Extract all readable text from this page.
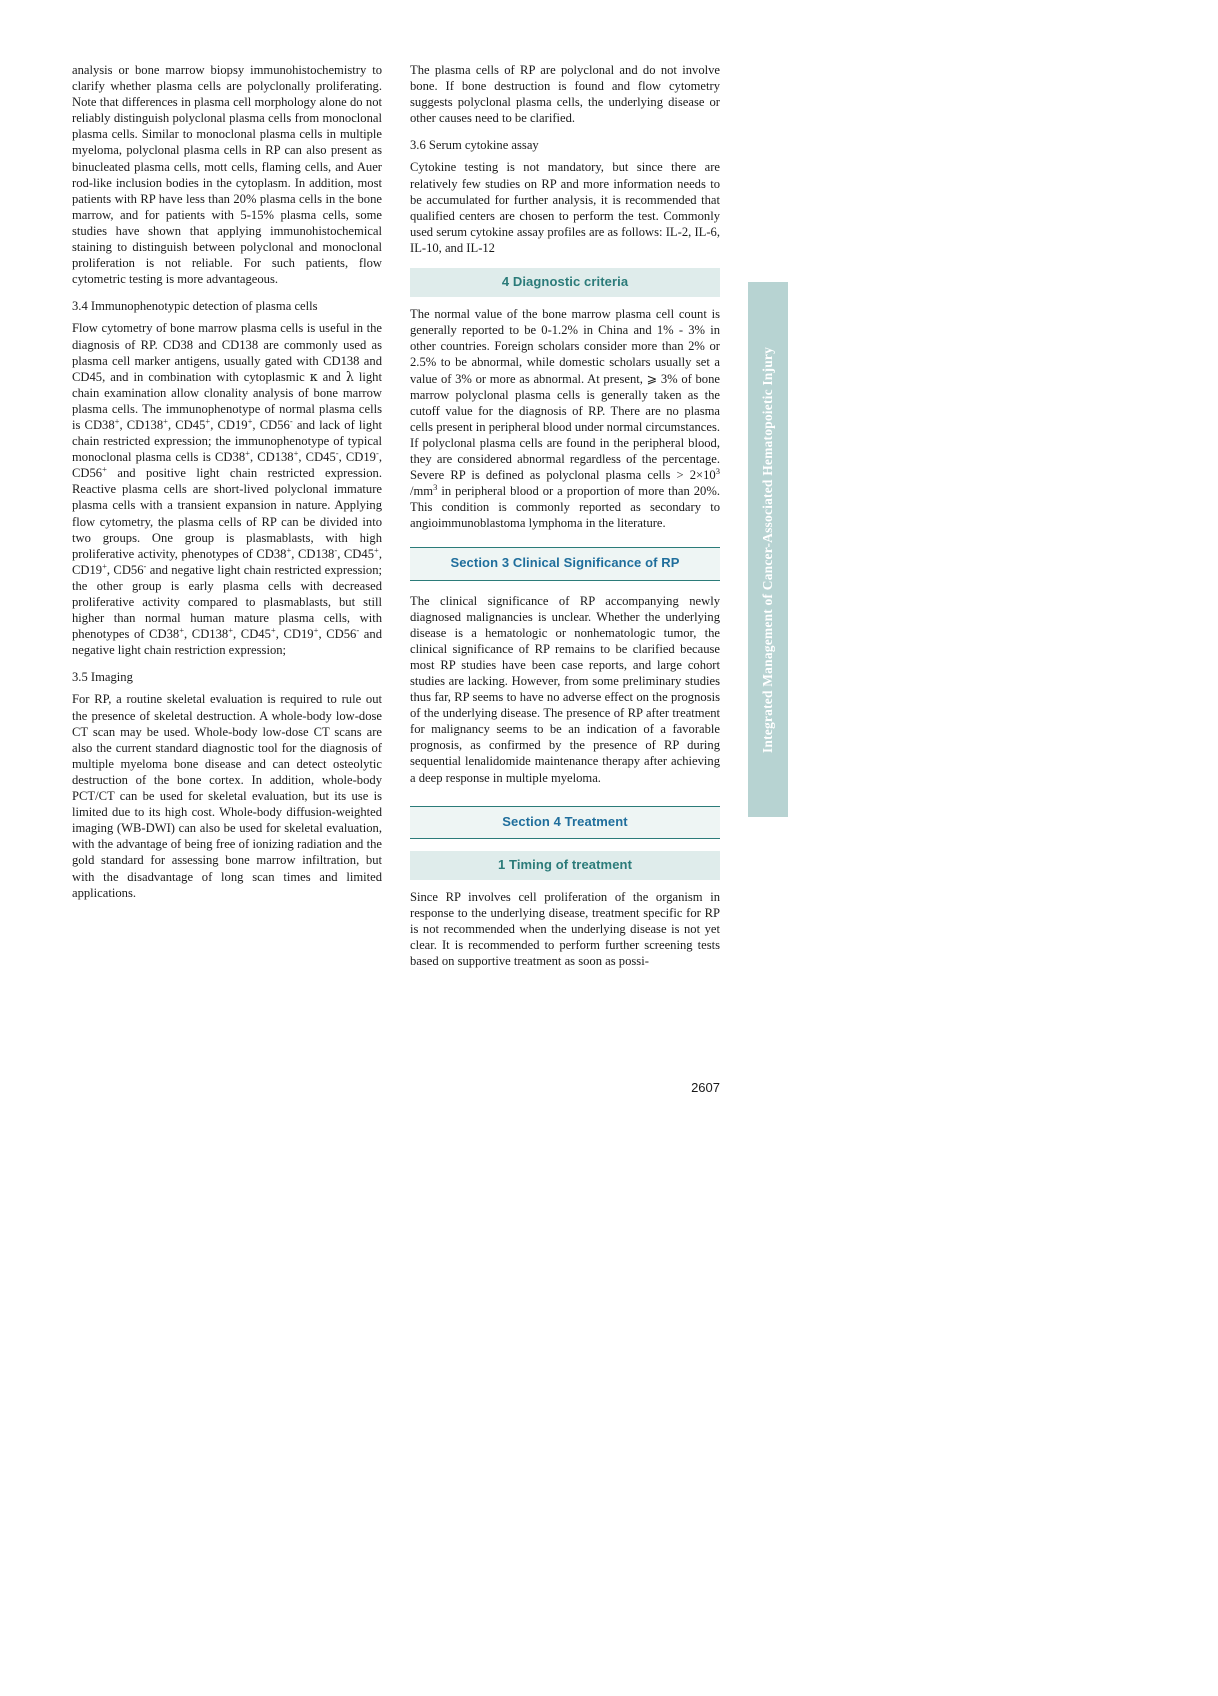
analysis or bone marrow biopsy immunohistochemistry to clarify whether plasma cells are polyclonally proliferating. Note that differences in plasma cell morphology alone do not reliably distinguish polyclonal plasma cells from monoclonal plasma cells. Similar to monoclonal plasma cells in multiple myeloma, polyclonal plasma cells in RP can also present as binucleated plasma cells, mott cells, flaming cells, and Auer rod-like inclusion bodies in the cytoplasm. In addition, most patients with RP have less than 20% plasma cells in the bone marrow, and for patients with 5-15% plasma cells, some studies have shown that applying immunohistochemical staining to distinguish between polyclonal and monoclonal proliferation is not reliable. For such patients, flow cytometric testing is more advantageous.

3.4 Immunophenotypic detection of plasma cells

Flow cytometry of bone marrow plasma cells is useful in the diagnosis of RP. CD38 and CD138 are commonly used as plasma cell marker antigens, usually gated with CD138 and CD45, and in combination with cytoplasmic κ and λ light chain examination allow clonality analysis of bone marrow plasma cells. The immunophenotype of normal plasma cells is CD38+, CD138+, CD45+, CD19+, CD56- and lack of light chain restricted expression; the immunophenotype of typical monoclonal plasma cells is CD38+, CD138+, CD45-, CD19-, CD56+ and positive light chain restricted expression. Reactive plasma cells are short-lived polyclonal immature plasma cells with a transient expansion in nature. Applying flow cytometry, the plasma cells of RP can be divided into two groups. One group is plasmablasts, with high proliferative activity, phenotypes of CD38+, CD138-, CD45+, CD19+, CD56- and negative light chain restricted expression; the other group is early plasma cells with decreased proliferative activity compared to plasmablasts, but still higher than normal human mature plasma cells, with phenotypes of CD38+, CD138+, CD45+, CD19+, CD56- and negative light chain restriction expression;

3.5 Imaging

For RP, a routine skeletal evaluation is required to rule out the presence of skeletal destruction. A whole-body low-dose CT scan may be used. Whole-body low-dose CT scans are also the current standard diagnostic tool for the diagnosis of multiple myeloma bone disease and can detect osteolytic destruction of the bone cortex. In addition, whole-body PCT/CT can be used for skeletal evaluation, but its use is limited due to its high cost. Whole-body diffusion-weighted imaging (WB-DWI) can also be used for skeletal evaluation, with the advantage of being free of ionizing radiation and the gold standard for assessing bone marrow infiltration, but with the disadvantage of long scan times and limited applications.

The plasma cells of RP are polyclonal and do not involve bone. If bone destruction is found and flow cytometry suggests polyclonal plasma cells, the underlying disease or other causes need to be clarified.

3.6 Serum cytokine assay

Cytokine testing is not mandatory, but since there are relatively few studies on RP and more information needs to be accumulated for further analysis, it is recommended that qualified centers are chosen to perform the test. Commonly used serum cytokine assay profiles are as follows: IL-2, IL-6, IL-10, and IL-12

4 Diagnostic criteria

The normal value of the bone marrow plasma cell count is generally reported to be 0-1.2% in China and 1% - 3% in other countries. Foreign scholars consider more than 2% or 2.5% to be abnormal, while domestic scholars usually set a value of 3% or more as abnormal. At present, ⩾ 3% of bone marrow polyclonal plasma cells is generally taken as the cutoff value for the diagnosis of RP. There are no plasma cells present in peripheral blood under normal circumstances. If polyclonal plasma cells are found in the peripheral blood, they are considered abnormal regardless of the percentage. Severe RP is defined as polyclonal plasma cells > $2\times 10^3$ $/mm^3$ in peripheral blood or a proportion of more than 20%. This condition is commonly reported as secondary to angioimmunoblastoma lymphoma in the literature.

Section 3 Clinical Significance of RP

The clinical significance of RP accompanying newly diagnosed malignancies is unclear. Whether the underlying disease is a hematologic or nonhematologic tumor, the clinical significance of RP remains to be clarified because most RP studies have been case reports, and large cohort studies are lacking. However, from some preliminary studies thus far, RP seems to have no adverse effect on the prognosis of the underlying disease. The presence of RP after treatment for malignancy seems to be an indication of a favorable prognosis, as confirmed by the presence of RP during sequential lenalidomide maintenance therapy after achieving a deep response in multiple myeloma.

Section 4 Treatment
1 Timing of treatment

Since RP involves cell proliferation of the organism in response to the underlying disease, treatment specific for RP is not recommended when the underlying disease is not yet clear. It is recommended to perform further screening tests based on supportive treatment as soon as possi-

Integrated Management of Cancer-Associated Hematopoietic Injury
2607
